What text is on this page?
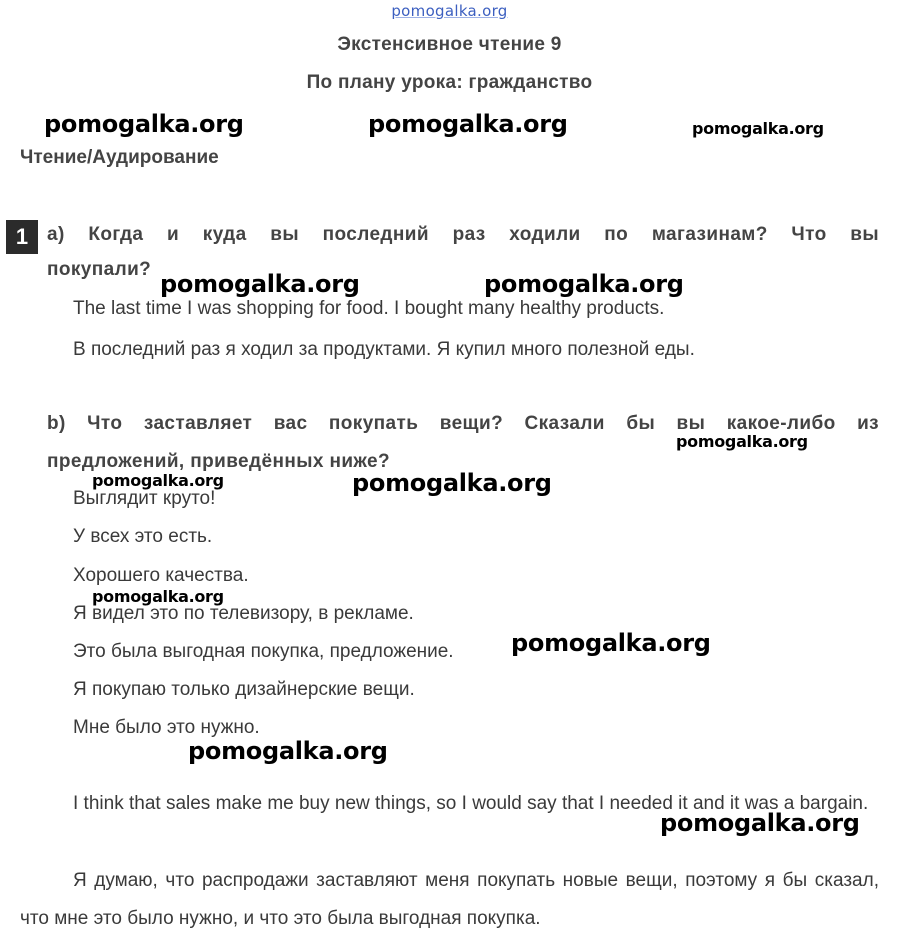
pomogalka.org
Экстенсивное чтение 9
По плану урока: гражданство
pomogalka.org	pomogalka.org	pomogalka.org
Чтение/Аудирование
1 a) Когда и куда вы последний раз ходили по магазинам? Что вы
покупали?
pomogalka.org	pomogalka.org
The last time I was shopping for food. I bought many healthy products.
В последний раз я ходил за продуктами. Я купил много полезной еды.
b) Что заставляет вас покупать вещи? Сказали бы вы какое-либо из
pomogalka.org
предложений, приведённых ниже?
pomogalka.org	pomogalka.org
Выглядит круто!
У всех это есть.
Хорошего качества.
pomogalka.org
Я видел это по телевизору, в рекламе.
Это была выгодная покупка, предложение. pomogalka.org
Я покупаю только дизайнерские вещи.
Мне было это нужно.
pomogalka.org
I think that sales make me buy new things, so I would say that I needed it and it was a bargain.
pomogalka.org
Я думаю, что распродажи заставляют меня покупать новые вещи, поэтому я бы сказал, что мне это было нужно, и что это была выгодная покупка.
